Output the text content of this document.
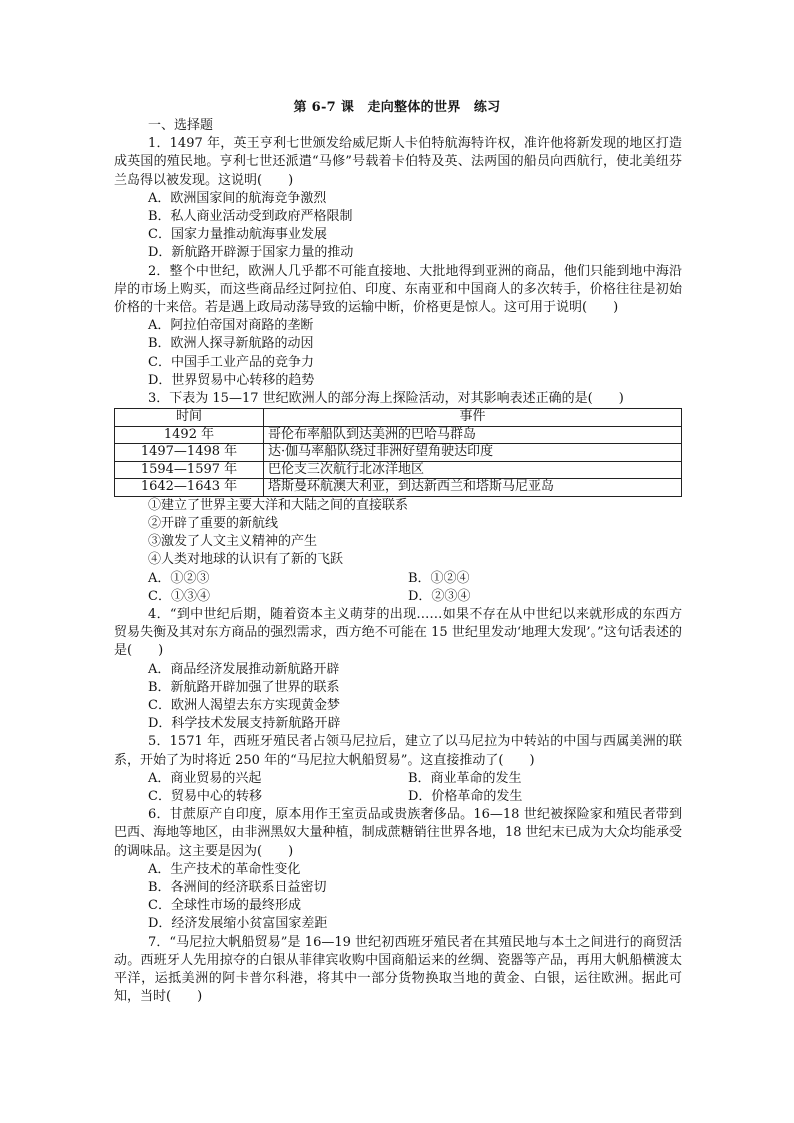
第 6-7 课　走向整体的世界　练习
一、选择题

1．1497 年，英王亨利七世颁发给威尼斯人卡伯特航海特许权，准许他将新发现的地区打造成英国的殖民地。亨利七世还派遣“马修”号载着卡伯特及英、法两国的船员向西航行，使北美纽芬兰岛得以被发现。这说明(　　)

A．欧洲国家间的航海竞争激烈
B．私人商业活动受到政府严格限制
C．国家力量推动航海事业发展
D．新航路开辟源于国家力量的推动

2．整个中世纪，欧洲人几乎都不可能直接地、大批地得到亚洲的商品，他们只能到地中海沿岸的市场上购买，而这些商品经过阿拉伯、印度、东南亚和中国商人的多次转手，价格往往是初始价格的十来倍。若是遇上政局动荡导致的运输中断，价格更是惊人。这可用于说明(　　)

A．阿拉伯帝国对商路的垄断
B．欧洲人探寻新航路的动因
C．中国手工业产品的竞争力
D．世界贸易中心转移的趋势

3．下表为 15—17 世纪欧洲人的部分海上探险活动，对其影响表述正确的是(　　)

时间	事件
1492 年	哥伦布率船队到达美洲的巴哈马群岛
1497—1498 年	达·伽马率船队绕过非洲好望角驶达印度
1594—1597 年	巴伦支三次航行北冰洋地区
1642—1643 年	塔斯曼环航澳大利亚，到达新西兰和塔斯马尼亚岛
①建立了世界主要大洋和大陆之间的直接联系
②开辟了重要的新航线
③激发了人文主义精神的产生
④人类对地球的认识有了新的飞跃
A．①②③	B．①②④
C．①③④	D．②③④

4．“到中世纪后期，随着资本主义萌芽的出现……如果不存在从中世纪以来就形成的东西方贸易失衡及其对东方商品的强烈需求，西方绝不可能在 15 世纪里发动‘地理大发现’。”这句话表述的是(　　)

A．商品经济发展推动新航路开辟
B．新航路开辟加强了世界的联系
C．欧洲人渴望去东方实现黄金梦
D．科学技术发展支持新航路开辟

5．1571 年，西班牙殖民者占领马尼拉后，建立了以马尼拉为中转站的中国与西属美洲的联系，开始了为时将近 250 年的“马尼拉大帆船贸易”。这直接推动了(　　)

A．商业贸易的兴起	B．商业革命的发生
C．贸易中心的转移	D．价格革命的发生

6．甘蔗原产自印度，原本用作王室贡品或贵族奢侈品。16—18 世纪被探险家和殖民者带到巴西、海地等地区，由非洲黑奴大量种植，制成蔗糖销往世界各地，18 世纪末已成为大众均能承受的调味品。这主要是因为(　　)

A．生产技术的革命性变化
B．各洲间的经济联系日益密切
C．全球性市场的最终形成
D．经济发展缩小贫富国家差距

7．“马尼拉大帆船贸易”是 16—19 世纪初西班牙殖民者在其殖民地与本土之间进行的商贸活动。西班牙人先用掠夺的白银从菲律宾收购中国商船运来的丝绸、瓷器等产品，再用大帆船横渡太平洋，运抵美洲的阿卡普尔科港，将其中一部分货物换取当地的黄金、白银，运往欧洲。据此可知，当时(　　)
